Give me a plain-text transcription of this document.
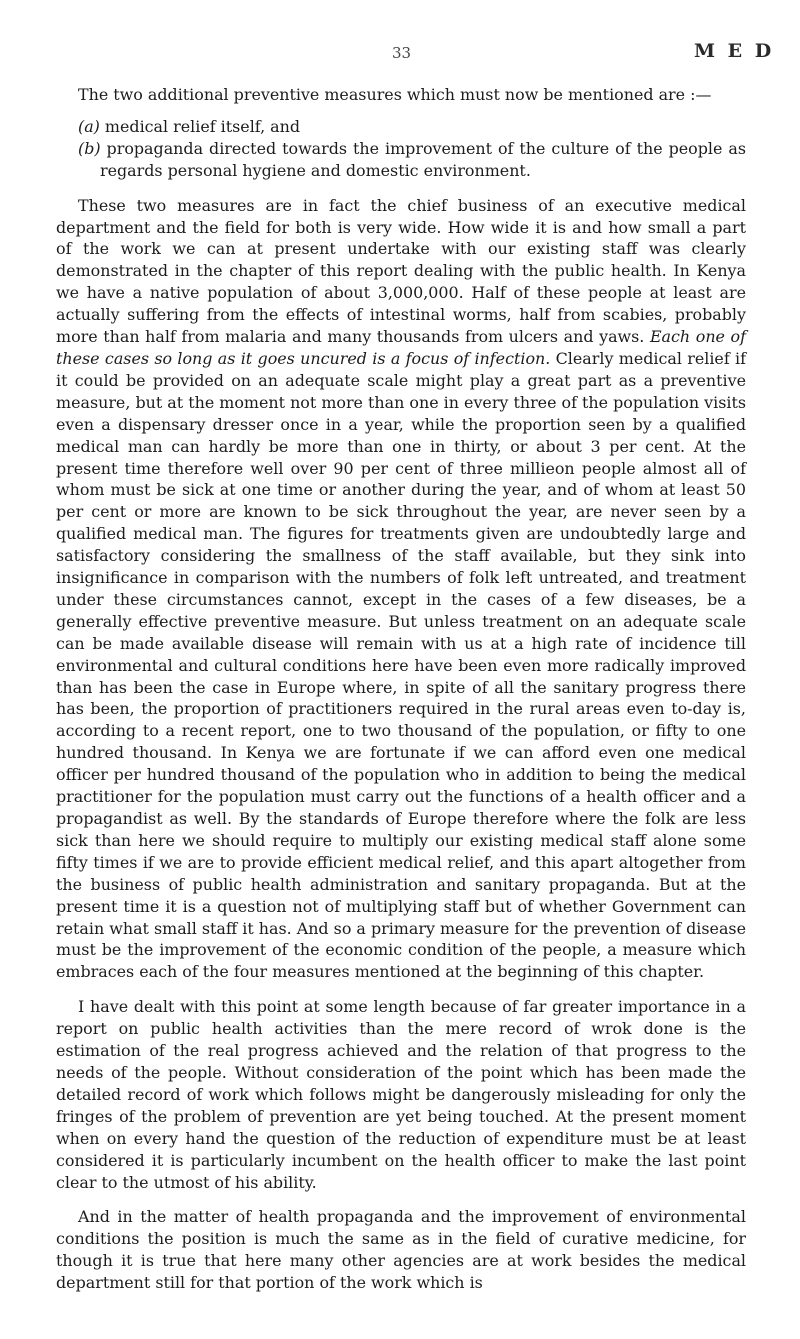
33	M E D

The two additional preventive measures which must now be mentioned are :—

(a) medical relief itself, and

(b) propaganda directed towards the improvement of the culture of the people as regards personal hygiene and domestic environment.

These two measures are in fact the chief business of an executive medical department and the field for both is very wide. How wide it is and how small a part of the work we can at present undertake with our existing staff was clearly demonstrated in the chapter of this report dealing with the public health. In Kenya we have a native population of about 3,000,000. Half of these people at least are actually suffering from the effects of intestinal worms, half from scabies, probably more than half from malaria and many thousands from ulcers and yaws. Each one of these cases so long as it goes uncured is a focus of infection. Clearly medical relief if it could be provided on an adequate scale might play a great part as a preventive measure, but at the moment not more than one in every three of the population visits even a dispensary dresser once in a year, while the proportion seen by a qualified medical man can hardly be more than one in thirty, or about 3 per cent. At the present time therefore well over 90 per cent of three millieon people almost all of whom must be sick at one time or another during the year, and of whom at least 50 per cent or more are known to be sick throughout the year, are never seen by a qualified medical man. The figures for treatments given are undoubtedly large and satisfactory considering the smallness of the staff available, but they sink into insignificance in comparison with the numbers of folk left untreated, and treatment under these circumstances cannot, except in the cases of a few diseases, be a generally effective preventive measure. But unless treatment on an adequate scale can be made available disease will remain with us at a high rate of incidence till environmental and cultural conditions here have been even more radically improved than has been the case in Europe where, in spite of all the sanitary progress there has been, the proportion of practitioners required in the rural areas even to-day is, according to a recent report, one to two thousand of the population, or fifty to one hundred thousand. In Kenya we are fortunate if we can afford even one medical officer per hundred thousand of the population who in addition to being the medical practitioner for the population must carry out the functions of a health officer and a propagandist as well. By the standards of Europe therefore where the folk are less sick than here we should require to multiply our existing medical staff alone some fifty times if we are to provide efficient medical relief, and this apart altogether from the business of public health administration and sanitary propaganda. But at the present time it is a question not of multiplying staff but of whether Government can retain what small staff it has. And so a primary measure for the prevention of disease must be the improvement of the economic condition of the people, a measure which embraces each of the four measures mentioned at the beginning of this chapter.

I have dealt with this point at some length because of far greater importance in a report on public health activities than the mere record of wrok done is the estimation of the real progress achieved and the relation of that progress to the needs of the people. Without consideration of the point which has been made the detailed record of work which follows might be dangerously misleading for only the fringes of the problem of prevention are yet being touched. At the present moment when on every hand the question of the reduction of expenditure must be at least considered it is particularly incumbent on the health officer to make the last point clear to the utmost of his ability.

And in the matter of health propaganda and the improvement of environmental conditions the position is much the same as in the field of curative medicine, for though it is true that here many other agencies are at work besides the medical department still for that portion of the work which is
